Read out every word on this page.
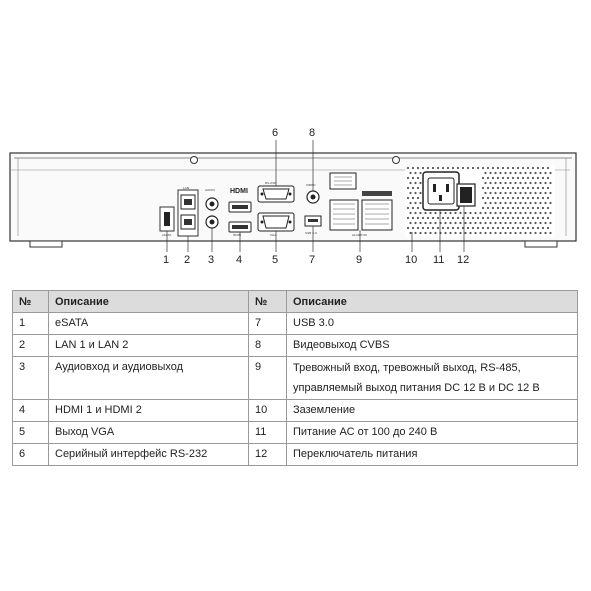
eSATA
LAN	AUDIO HDMI
HDMI
RS-232
VGA
VIDEO
USB 3.0	ALARM IN
1 2 3 4	5
6
7
8
9	10 11 12
№	Описание	№	Описание
1	eSATA	7	USB 3.0
2	LAN 1 и LAN 2	8	Видеовыход CVBS
3	Аудиовход и аудиовыход	9	Тревожный вход, тревожный выход, RS-485,
управляемый выход питания DC 12 В и DC 12 В

4	HDMI 1 и HDMI 2	10	Заземление
5	Выход VGA	11	Питание АС от 100 до 240 В
6	Серийный интерфейс RS-232	12	Переключатель питания
